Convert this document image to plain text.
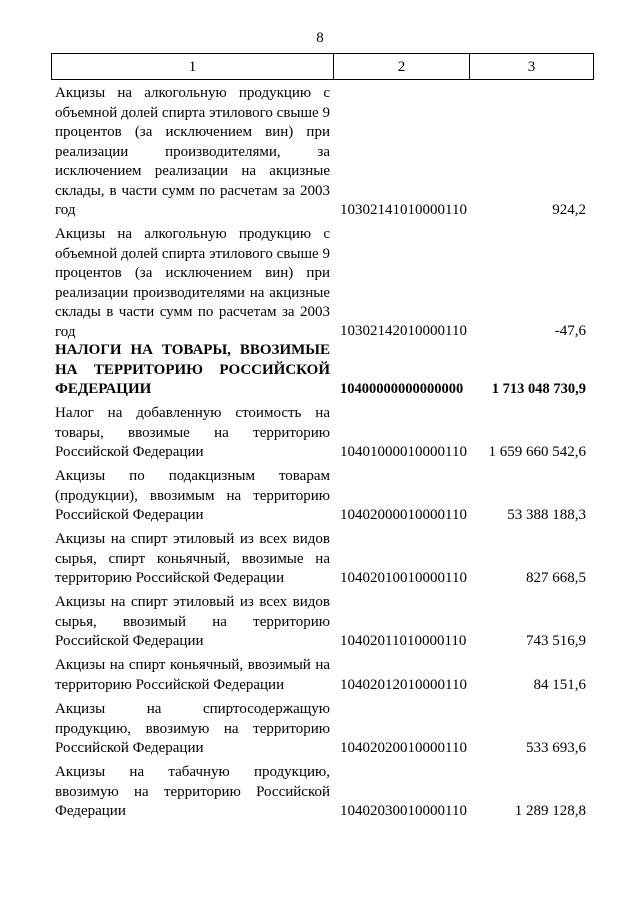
8
1	2	3
Акцизы на алкогольную продукцию с объемной долей спирта этилового свыше 9 процентов (за исключением вин) при реализации производителями, за исключением реализации на акцизные склады, в части сумм по расчетам за 2003 год	10302141010000110	924,2
Акцизы на алкогольную продукцию с объемной долей спирта этилового свыше 9 процентов (за исключением вин) при реализации производителями на акцизные склады в части сумм по расчетам за 2003 год	10302142010000110	-47,6
НАЛОГИ НА ТОВАРЫ, ВВОЗИМЫЕ НА ТЕРРИТОРИЮ РОССИЙСКОЙ ФЕДЕРАЦИИ	10400000000000000	1 713 048 730,9
Налог на добавленную стоимость на товары, ввозимые на территорию Российской Федерации	10401000010000110	1 659 660 542,6
Акцизы по подакцизным товарам (продукции), ввозимым на территорию Российской Федерации	10402000010000110	53 388 188,3
Акцизы на спирт этиловый из всех видов сырья, спирт коньячный, ввозимые на территорию Российской Федерации	10402010010000110	827 668,5
Акцизы на спирт этиловый из всех видов сырья, ввозимый на территорию Российской Федерации	10402011010000110	743 516,9
Акцизы на спирт коньячный, ввозимый на территорию Российской Федерации	10402012010000110	84 151,6
Акцизы на спиртосодержащую продукцию, ввозимую на территорию Российской Федерации	10402020010000110	533 693,6
Акцизы на табачную продукцию, ввозимую на территорию Российской Федерации	10402030010000110	1 289 128,8
